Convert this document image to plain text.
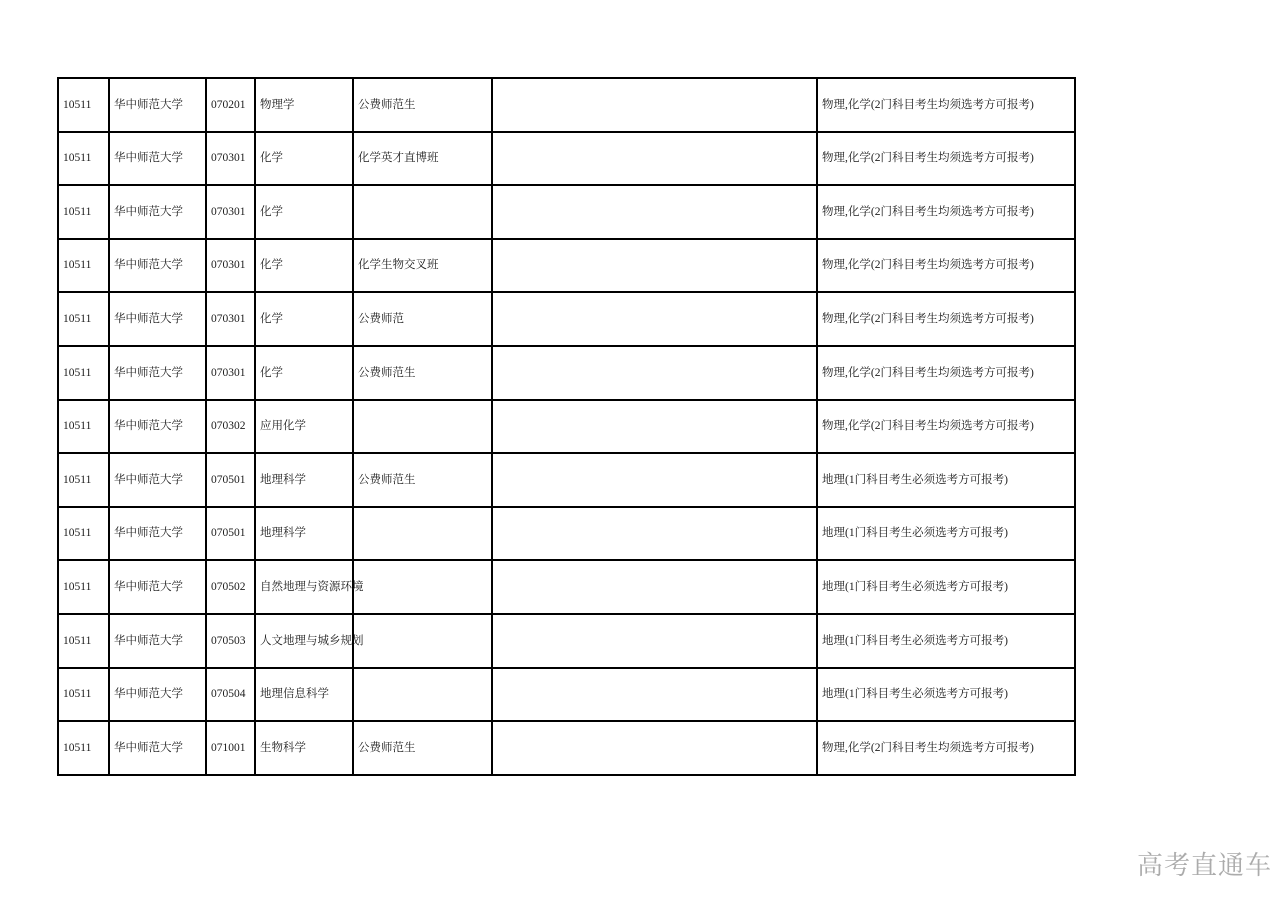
10511	华中师范大学	070201	物理学	公费师范生		物理,化学(2门科目考生均须选考方可报考)
10511	华中师范大学	070301	化学	化学英才直博班		物理,化学(2门科目考生均须选考方可报考)
10511	华中师范大学	070301	化学			物理,化学(2门科目考生均须选考方可报考)
10511	华中师范大学	070301	化学	化学生物交叉班		物理,化学(2门科目考生均须选考方可报考)
10511	华中师范大学	070301	化学	公费师范		物理,化学(2门科目考生均须选考方可报考)
10511	华中师范大学	070301	化学	公费师范生		物理,化学(2门科目考生均须选考方可报考)
10511	华中师范大学	070302	应用化学			物理,化学(2门科目考生均须选考方可报考)
10511	华中师范大学	070501	地理科学	公费师范生		地理(1门科目考生必须选考方可报考)
10511	华中师范大学	070501	地理科学			地理(1门科目考生必须选考方可报考)
10511	华中师范大学	070502	自然地理与资源环境			地理(1门科目考生必须选考方可报考)
10511	华中师范大学	070503	人文地理与城乡规划			地理(1门科目考生必须选考方可报考)
10511	华中师范大学	070504	地理信息科学			地理(1门科目考生必须选考方可报考)
10511	华中师范大学	071001	生物科学	公费师范生		物理,化学(2门科目考生均须选考方可报考)
高考直通车
